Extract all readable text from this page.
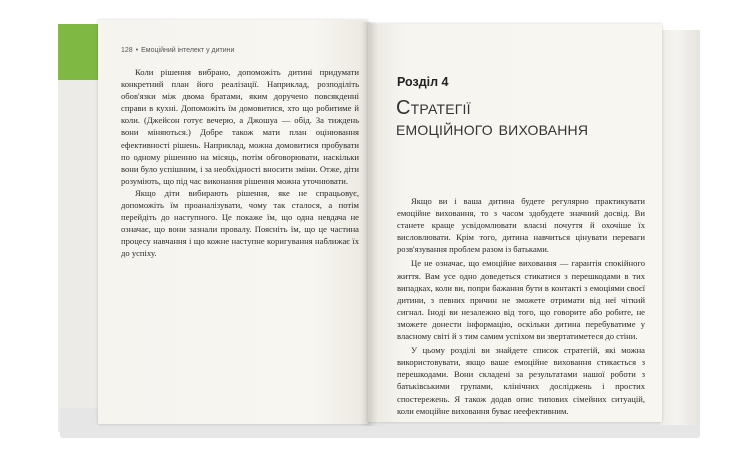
128 • Емоційний інтелект у дитини

Коли рішення вибрано, допоможіть дитині придумати конкретний план його реалізації. Наприклад, розподіліть обов'язки між двома братами, яким доручено повсякденні справи в кухні. Допоможіть їм домовитися, хто що робитиме й коли. (Джейсон готує вечерю, а Джошуа — обід. За тиждень вони міняються.) Добре також мати план оцінювання ефективності рішень. Наприклад, можна домовитися пробувати по одному рішенню на місяць, потім обговорювати, наскільки вони було успішним, і за необхідності вносити зміни. Отже, діти розуміють, що під час виконання рішення можна уточнювати.

Якщо діти вибирають рішення, яке не спрацьовує, допоможіть їм проаналізувати, чому так сталося, а потім перейдіть до наступного. Це покаже їм, що одна невдача не означає, що вони зазнали провалу. Поясніть їм, що це частина процесу навчання і що кожне наступне коригування наближає їх до успіху.

Розділ 4
Стратегії
емоційного виховання

Якщо ви і ваша дитина будете регулярно практикувати емоційне виховання, то з часом здобудете значний досвід. Ви станете краще усвідомлювати власні почуття й охочіше їх висловлювати. Крім того, дитина навчиться цінувати переваги розв'язування проблем разом із батьками.

Це не означає, що емоційне виховання — гарантія спокійного життя. Вам усе одно доведеться стикатися з перешкодами в тих випадках, коли ви, попри бажання бути в контакті з емоціями своєї дитини, з певних причин не зможете отримати від неї чіткий сигнал. Іноді ви незалежно від того, що говорите або робите, не зможете донести інформацію, оскільки дитина перебуватиме у власному світі й з тим самим успіхом ви звертатиметеся до стіни.

У цьому розділі ви знайдете список стратегій, які можна використовувати, якщо ваше емоційне виховання стикається з перешкодами. Вони складені за результатами нашої роботи з батьківськими групами, клінічних досліджень і простих спостережень. Я також додав опис типових сімейних ситуацій, коли емоційне виховання буває неефективним.
